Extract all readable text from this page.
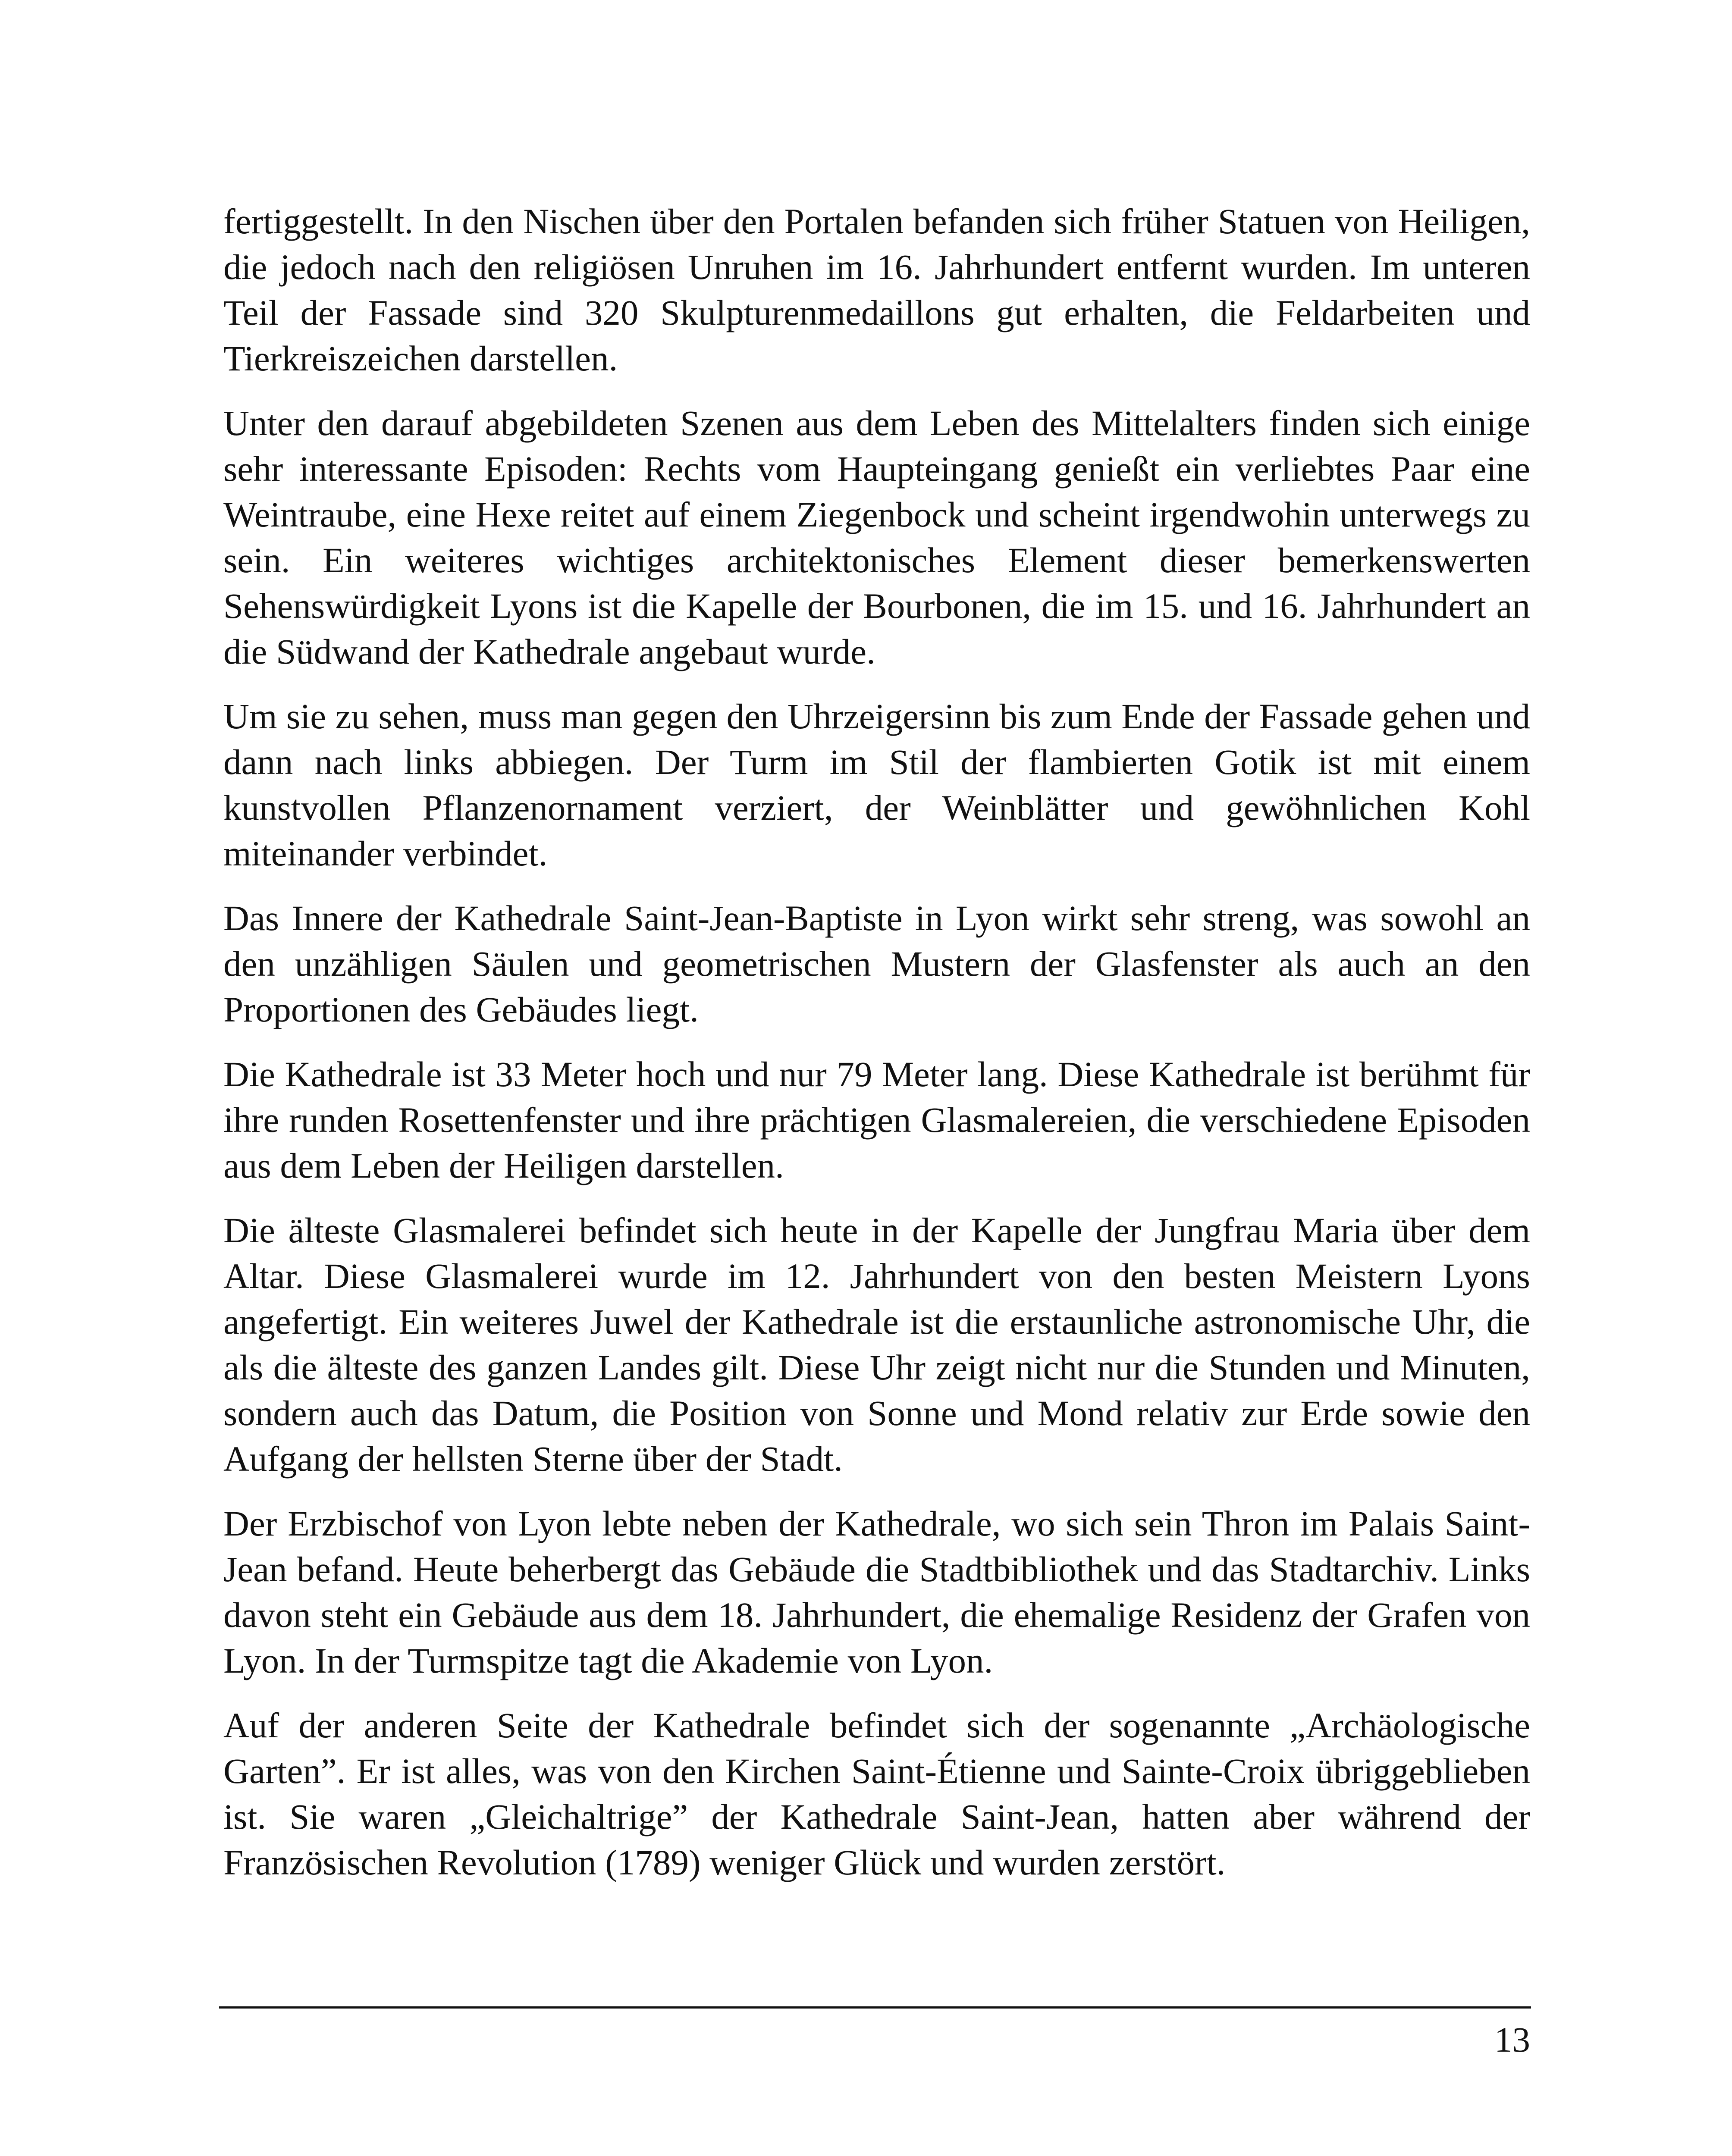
fertiggestellt. In den Nischen über den Portalen befanden sich früher Statuen von Heiligen, die jedoch nach den religiösen Unruhen im 16. Jahrhundert entfernt wurden. Im unteren Teil der Fassade sind 320 Skulpturenmedaillons gut erhalten, die Feldarbeiten und Tierkreiszeichen darstellen.

Unter den darauf abgebildeten Szenen aus dem Leben des Mittelalters finden sich einige sehr interessante Episoden: Rechts vom Haupteingang genießt ein verliebtes Paar eine Weintraube, eine Hexe reitet auf einem Ziegenbock und scheint irgendwohin unterwegs zu sein. Ein weiteres wichtiges architektonisches Element dieser bemerkenswerten Sehenswürdigkeit Lyons ist die Kapelle der Bourbonen, die im 15. und 16. Jahrhundert an die Südwand der Kathedrale angebaut wurde.

Um sie zu sehen, muss man gegen den Uhrzeigersinn bis zum Ende der Fassade gehen und dann nach links abbiegen. Der Turm im Stil der flambierten Gotik ist mit einem kunstvollen Pflanzenornament verziert, der Weinblätter und gewöhnlichen Kohl miteinander verbindet.

Das Innere der Kathedrale Saint-Jean-Baptiste in Lyon wirkt sehr streng, was sowohl an den unzähligen Säulen und geometrischen Mustern der Glasfenster als auch an den Proportionen des Gebäudes liegt.

Die Kathedrale ist 33 Meter hoch und nur 79 Meter lang. Diese Kathedrale ist berühmt für ihre runden Rosettenfenster und ihre prächtigen Glasmalereien, die verschiedene Episoden aus dem Leben der Heiligen darstellen.

Die älteste Glasmalerei befindet sich heute in der Kapelle der Jungfrau Maria über dem Altar. Diese Glasmalerei wurde im 12. Jahrhundert von den besten Meistern Lyons angefertigt. Ein weiteres Juwel der Kathedrale ist die erstaunliche astronomische Uhr, die als die älteste des ganzen Landes gilt. Diese Uhr zeigt nicht nur die Stunden und Minuten, sondern auch das Datum, die Position von Sonne und Mond relativ zur Erde sowie den Aufgang der hellsten Sterne über der Stadt.

Der Erzbischof von Lyon lebte neben der Kathedrale, wo sich sein Thron im Palais Saint-Jean befand. Heute beherbergt das Gebäude die Stadtbibliothek und das Stadtarchiv. Links davon steht ein Gebäude aus dem 18. Jahrhundert, die ehemalige Residenz der Grafen von Lyon. In der Turmspitze tagt die Akademie von Lyon.

Auf der anderen Seite der Kathedrale befindet sich der sogenannte „Archäologische Garten”. Er ist alles, was von den Kirchen Saint-Étienne und Sainte-Croix übriggeblieben ist. Sie waren „Gleichaltrige” der Kathedrale Saint-Jean, hatten aber während der Französischen Revolution (1789) weniger Glück und wurden zerstört.

13
